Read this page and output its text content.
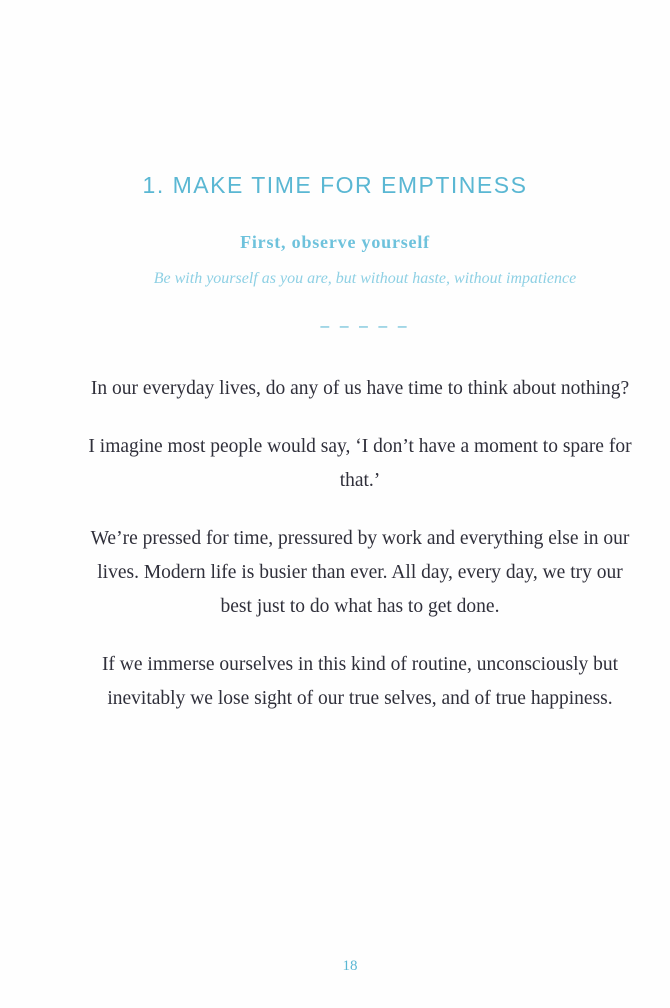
1. MAKE TIME FOR EMPTINESS
First, observe yourself
Be with yourself as you are, but without haste, without impatience
– – – – –

In our everyday lives, do any of us have time to think about nothing?

I imagine most people would say, ‘I don’t have a moment to spare for that.’

We’re pressed for time, pressured by work and everything else in our lives. Modern life is busier than ever. All day, every day, we try our best just to do what has to get done.

If we immerse ourselves in this kind of routine, unconsciously but inevitably we lose sight of our true selves, and of true happiness.

18
